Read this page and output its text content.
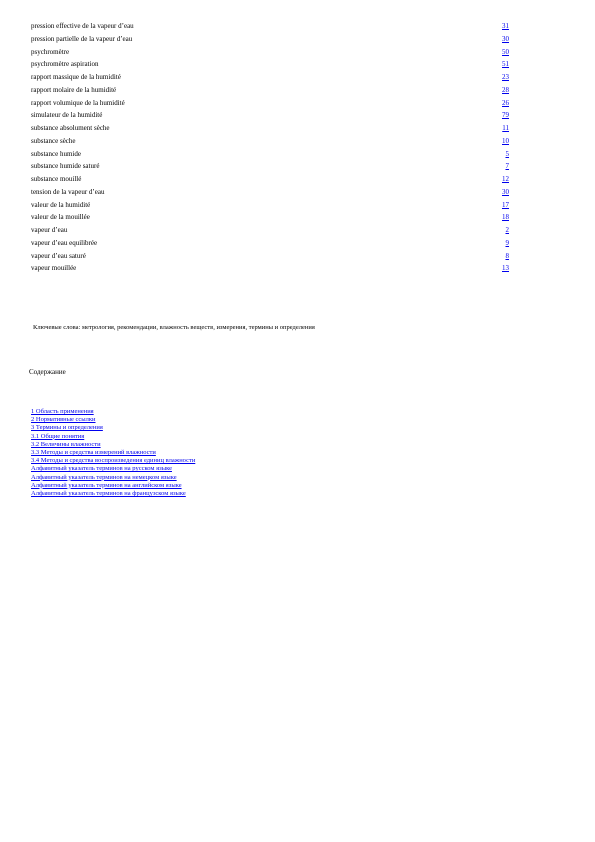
pression effective de la vapeur d’eau	31
pression partielle de la vapeur d’eau	30
psychromètre	50
psychromètre aspiration	51
rapport massique de la humidité	23
rapport molaire de la humidité	28
rapport volumique de la humidité	26
simulateur de la humidité	79
substance absolument sèche	11
substance sèche	10
substance humide	5
substance humide saturé	7
substance mouillé	12
tension de la vapeur d’eau	30
valeur de la humidité	17
valeur de la mouillée	18
vapeur d’eau	2
vapeur d’eau equilibrée	9
vapeur d’eau saturé	8
vapeur mouillée	13
Ключевые слова: метрология, рекомендации, влажность веществ, измерения, термины и определения
Содержание
1 Область применения
2 Нормативные ссылки
3 Термины и определения
3.1 Общие понятия
3.2 Величины влажности
3.3 Методы и средства измерений влажности
3.4 Методы и средства воспроизведения единиц влажности
Алфавитный указатель терминов на русском языке
Алфавитный указатель терминов на немецком языке
Алфавитный указатель терминов на английском языке
Алфавитный указатель терминов на французском языке
